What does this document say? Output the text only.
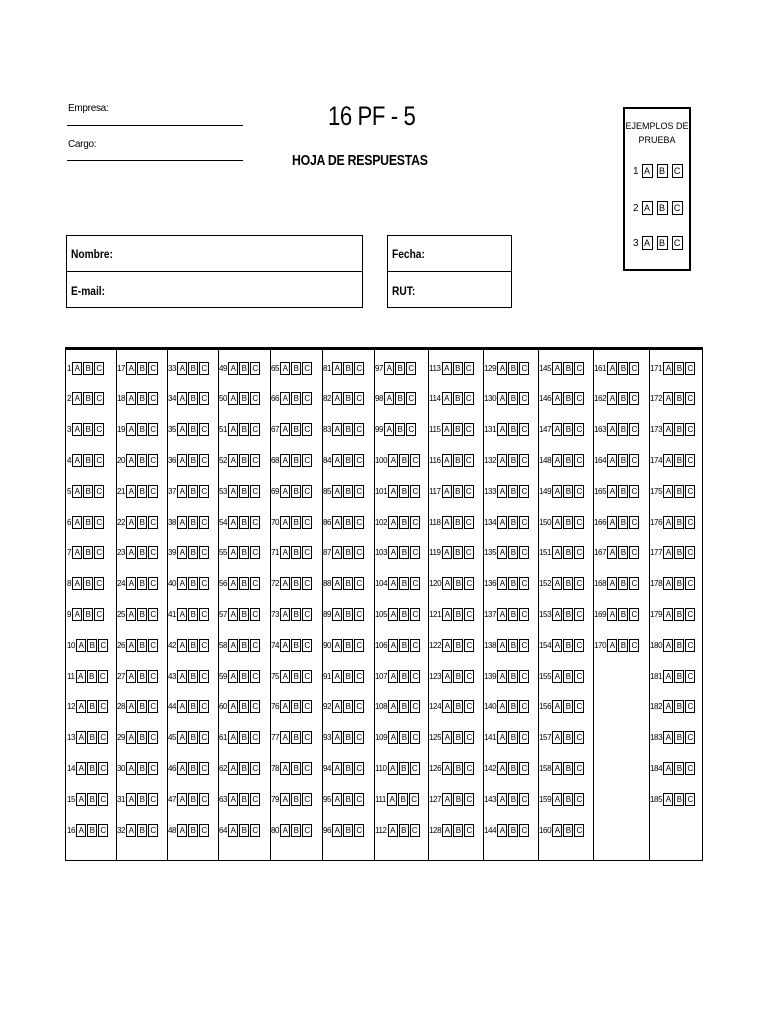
Empresa:
Cargo:
16 PF - 5
HOJA DE RESPUESTAS
Nombre:
E-mail:
Fecha:
RUT:
EJEMPLOS DE
PRUEBA
1 A B C
2 A B C
3 A B C
1 A B C
2 A B C
3 A B C
4 A B C
5 A B C
6 A B C
7 A B C
8 A B C
9 A B C
10 A B C
11 A B C
12 A B C
13 A B C
14 A B C
15 A B C
16 A B C
17 A B C
18 A B C
19 A B C
20 A B C
21 A B C
22 A B C
23 A B C
24 A B C
25 A B C
26 A B C
27 A B C
28 A B C
29 A B C
30 A B C
31 A B C
32 A B C
33 A B C
34 A B C
35 A B C
36 A B C
37 A B C
38 A B C
39 A B C
40 A B C
41 A B C
42 A B C
43 A B C
44 A B C
45 A B C
46 A B C
47 A B C
48 A B C
49 A B C
50 A B C
51 A B C
52 A B C
53 A B C
54 A B C
55 A B C
56 A B C
57 A B C
58 A B C
59 A B C
60 A B C
61 A B C
62 A B C
63 A B C
64 A B C
65 A B C
66 A B C
67 A B C
68 A B C
69 A B C
70 A B C
71 A B C
72 A B C
73 A B C
74 A B C
75 A B C
76 A B C
77 A B C
78 A B C
79 A B C
80 A B C
81 A B C
82 A B C
83 A B C
84 A B C
85 A B C
86 A B C
87 A B C
88 A B C
89 A B C
90 A B C
91 A B C
92 A B C
93 A B C
94 A B C
95 A B C
96 A B C
97 A B C
98 A B C
99 A B C
100 A B C
101 A B C
102 A B C
103 A B C
104 A B C
105 A B C
106 A B C
107 A B C
108 A B C
109 A B C
110 A B C
111 A B C
112 A B C
113 A B C
114 A B C
115 A B C
116 A B C
117 A B C
118 A B C
119 A B C
120 A B C
121 A B C
122 A B C
123 A B C
124 A B C
125 A B C
126 A B C
127 A B C
128 A B C
129 A B C
130 A B C
131 A B C
132 A B C
133 A B C
134 A B C
135 A B C
136 A B C
137 A B C
138 A B C
139 A B C
140 A B C
141 A B C
142 A B C
143 A B C
144 A B C
145 A B C
146 A B C
147 A B C
148 A B C
149 A B C
150 A B C
151 A B C
152 A B C
153 A B C
154 A B C
155 A B C
156 A B C
157 A B C
158 A B C
159 A B C
160 A B C
161 A B C
162 A B C
163 A B C
164 A B C
165 A B C
166 A B C
167 A B C
168 A B C
169 A B C
170 A B C
171 A B C
172 A B C
173 A B C
174 A B C
175 A B C
176 A B C
177 A B C
178 A B C
179 A B C
180 A B C
181 A B C
182 A B C
183 A B C
184 A B C
185 A B C
